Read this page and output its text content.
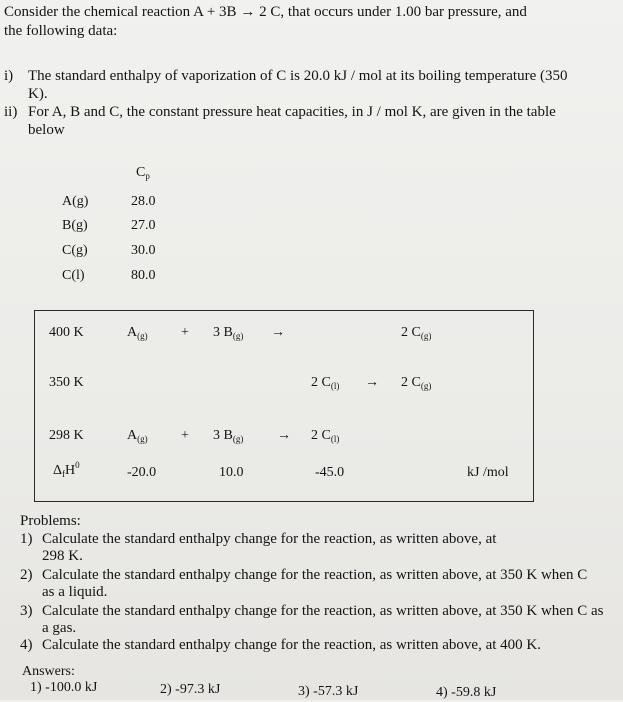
Consider the chemical reaction A + 3B → 2 C, that occurs under 1.00 bar pressure, and
the following data:
i) The standard enthalpy of vaporization of C is 20.0 kJ / mol at its boiling temperature (350
K).
ii) For A, B and C, the constant pressure heat capacities, in J / mol K, are given in the table
below
$C_p$
A(g)	28.0
B(g)	27.0
C(g)	30.0
C(l)	80.0
400 K	$A_{(g)} + 3$ $B_{(g)}$ →	2 $C_{(g)}$
350 K	2 $C_{(l)} \to 2$ $C_{(g)}$
298 K	$A_{(g)} + 3$ $B_{(g)} \to 2$ $C_{(l)}$
$\Delta_fH^0$	-20.0	10.0	-45.0	kJ /mol
Problems:
1) Calculate the standard enthalpy change for the reaction, as written above, at
298 K.
2) Calculate the standard enthalpy change for the reaction, as written above, at 350 K when C
as a liquid.
3) Calculate the standard enthalpy change for the reaction, as written above, at 350 K when C as
a gas.
4) Calculate the standard enthalpy change for the reaction, as written above, at 400 K.
Answers:
1) -100.0 kJ	2) -97.3 kJ	3) -57.3 kJ	4) -59.8 kJ
